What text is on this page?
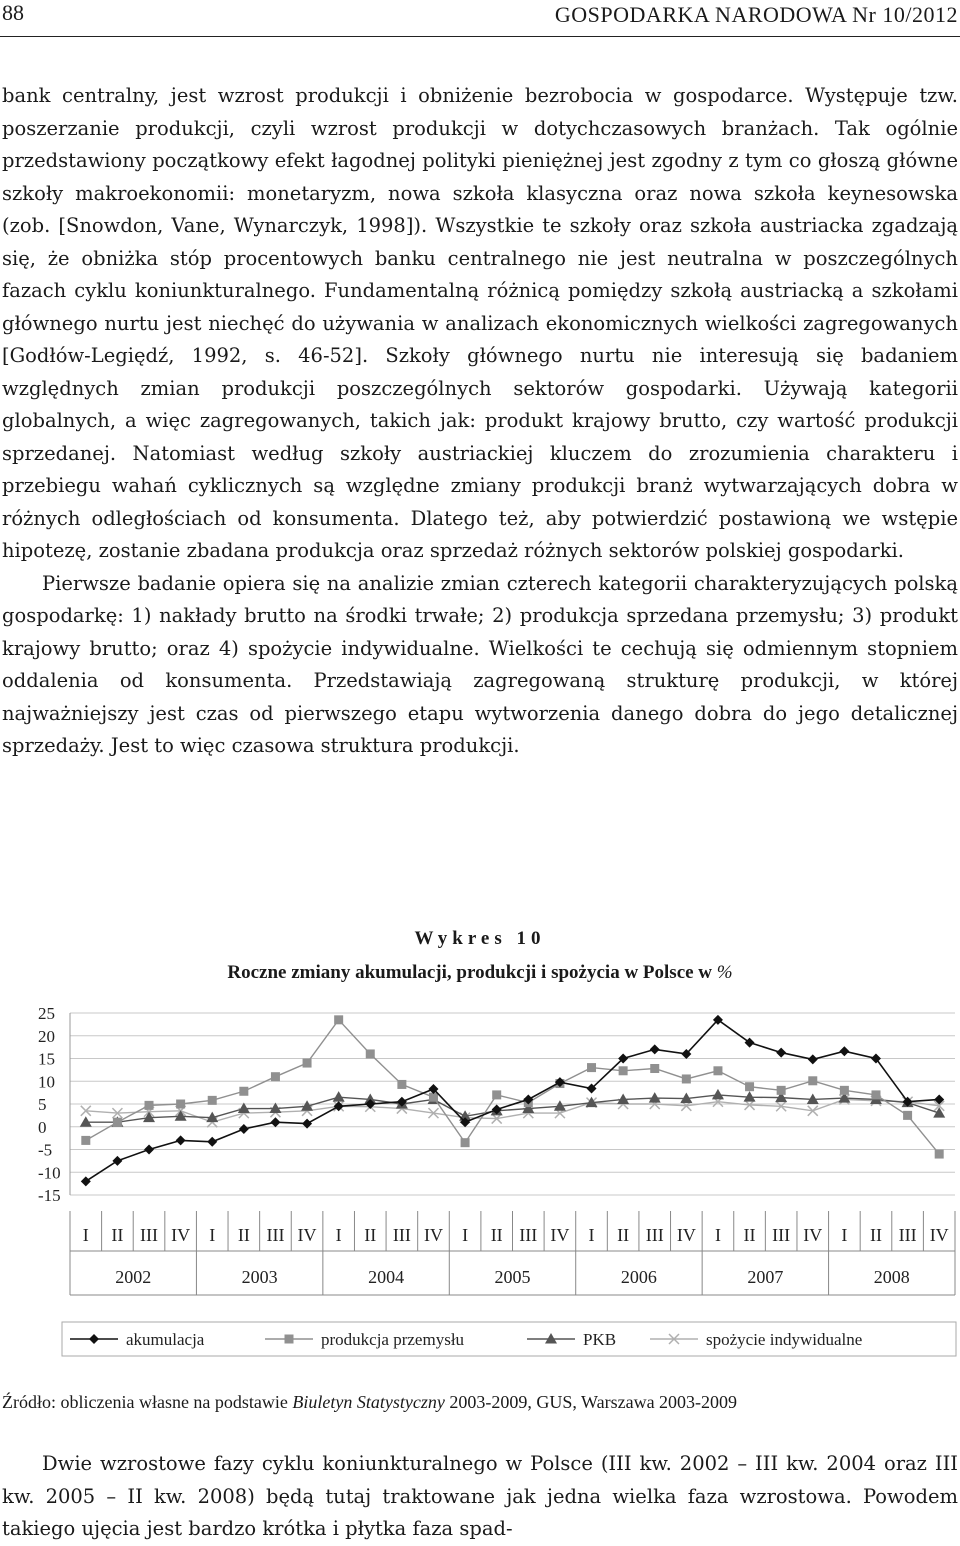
88	GOSPODARKA NARODOWA Nr 10/2012

bank centralny, jest wzrost produkcji i obniżenie bezrobocia w gospodarce. Występuje tzw. poszerzanie produkcji, czyli wzrost produkcji w dotychczasowych branżach. Tak ogólnie przedstawiony początkowy efekt łagodnej polityki pieniężnej jest zgodny z tym co głoszą główne szkoły makroekonomii: monetaryzm, nowa szkoła klasyczna oraz nowa szkoła keynesowska (zob. [Snowdon, Vane, Wynarczyk, 1998]). Wszystkie te szkoły oraz szkoła austriacka zgadzają się, że obniżka stóp procentowych banku centralnego nie jest neutralna w poszczególnych fazach cyklu koniunkturalnego. Fundamentalną różnicą pomiędzy szkołą austriacką a szkołami głównego nurtu jest niechęć do używania w analizach ekonomicznych wielkości zagregowanych [Godłów-Legiędź, 1992, s. 46-52]. Szkoły głównego nurtu nie interesują się badaniem względnych zmian produkcji poszczególnych sektorów gospodarki. Używają kategorii globalnych, a więc zagregowanych, takich jak: produkt krajowy brutto, czy wartość produkcji sprzedanej. Natomiast według szkoły austriackiej kluczem do zrozumienia charakteru i przebiegu wahań cyklicznych są względne zmiany produkcji branż wytwarzających dobra w różnych odległościach od konsumenta. Dlatego też, aby potwierdzić postawioną we wstępie hipotezę, zostanie zbadana produkcja oraz sprzedaż różnych sektorów polskiej gospodarki.

Pierwsze badanie opiera się na analizie zmian czterech kategorii charakteryzujących polską gospodarkę: 1) nakłady brutto na środki trwałe; 2) produkcja sprzedana przemysłu; 3) produkt krajowy brutto; oraz 4) spożycie indywidualne. Wielkości te cechują się odmiennym stopniem oddalenia od konsumenta. Przedstawiają zagregowaną strukturę produkcji, w której najważniejszy jest czas od pierwszego etapu wytworzenia danego dobra do jego detalicznej sprzedaży. Jest to więc czasowa struktura produkcji.

Wykres 10
Roczne zmiany akumulacji, produkcji i spożycia w Polsce w %
25
20
15
10
5
0
-5
-10
-15
I II III IV I II III IV I II III IV I II III IV I II III IV I II III IV I II III IV
2002	2003	2004	2005	2006	2007	2008
akumulacja	produkcja przemysłu	PKB	spożycie indywidualne
Źródło: obliczenia własne na podstawie Biuletyn Statystyczny 2003-2009, GUS, Warszawa 2003-2009

Dwie wzrostowe fazy cyklu koniunkturalnego w Polsce (III kw. 2002 – III kw. 2004 oraz III kw. 2005 – II kw. 2008) będą tutaj traktowane jak jedna wielka faza wzrostowa. Powodem takiego ujęcia jest bardzo krótka i płytka faza spad-
